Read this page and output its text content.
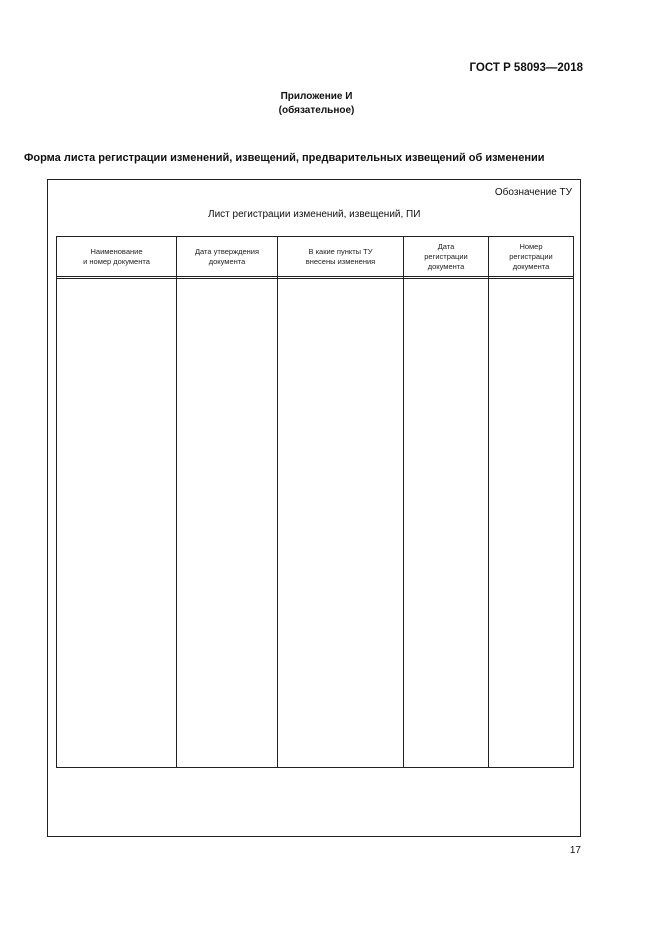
ГОСТ Р 58093—2018
Приложение И
(обязательное)
Форма листа регистрации изменений, извещений, предварительных извещений об изменении
Обозначение ТУ
Лист регистрации изменений, извещений, ПИ
Наименование
и номер документа
Дата утверждения
документа
В какие пункты ТУ
внесены изменения
Дата
регистрации
документа
Номер
регистрации
документа
17
